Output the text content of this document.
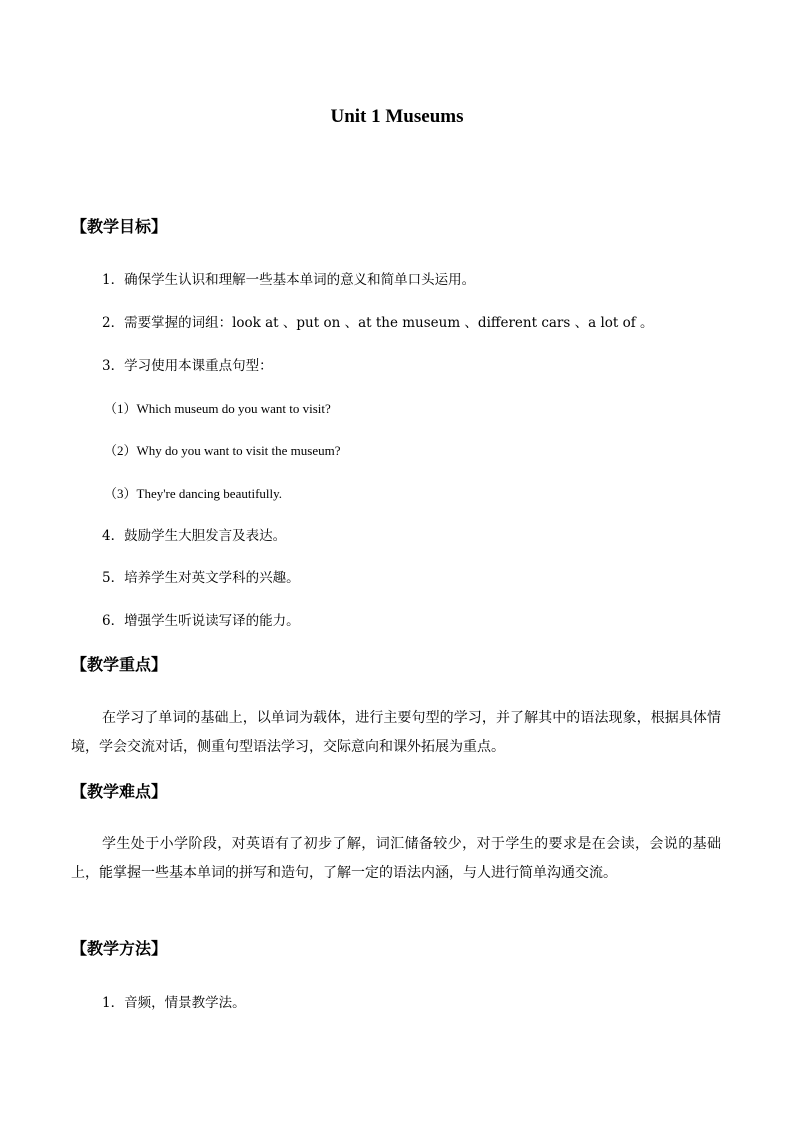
Unit 1 Museums
【教学目标】

1．确保学生认识和理解一些基本单词的意义和简单口头运用。

2．需要掌握的词组：look at 、put on 、at the museum 、different cars 、a lot of 。

3．学习使用本课重点句型：

（1）Which museum do you want to visit?

（2）Why do you want to visit the museum?

（3）They're dancing beautifully.

4．鼓励学生大胆发言及表达。

5．培养学生对英文学科的兴趣。

6．增强学生听说读写译的能力。

【教学重点】

在学习了单词的基础上，以单词为载体，进行主要句型的学习，并了解其中的语法现象，根据具体情境，学会交流对话，侧重句型语法学习，交际意向和课外拓展为重点。

【教学难点】

学生处于小学阶段，对英语有了初步了解，词汇储备较少，对于学生的要求是在会读，会说的基础上，能掌握一些基本单词的拼写和造句，了解一定的语法内涵，与人进行简单沟通交流。

【教学方法】

1．音频，情景教学法。
